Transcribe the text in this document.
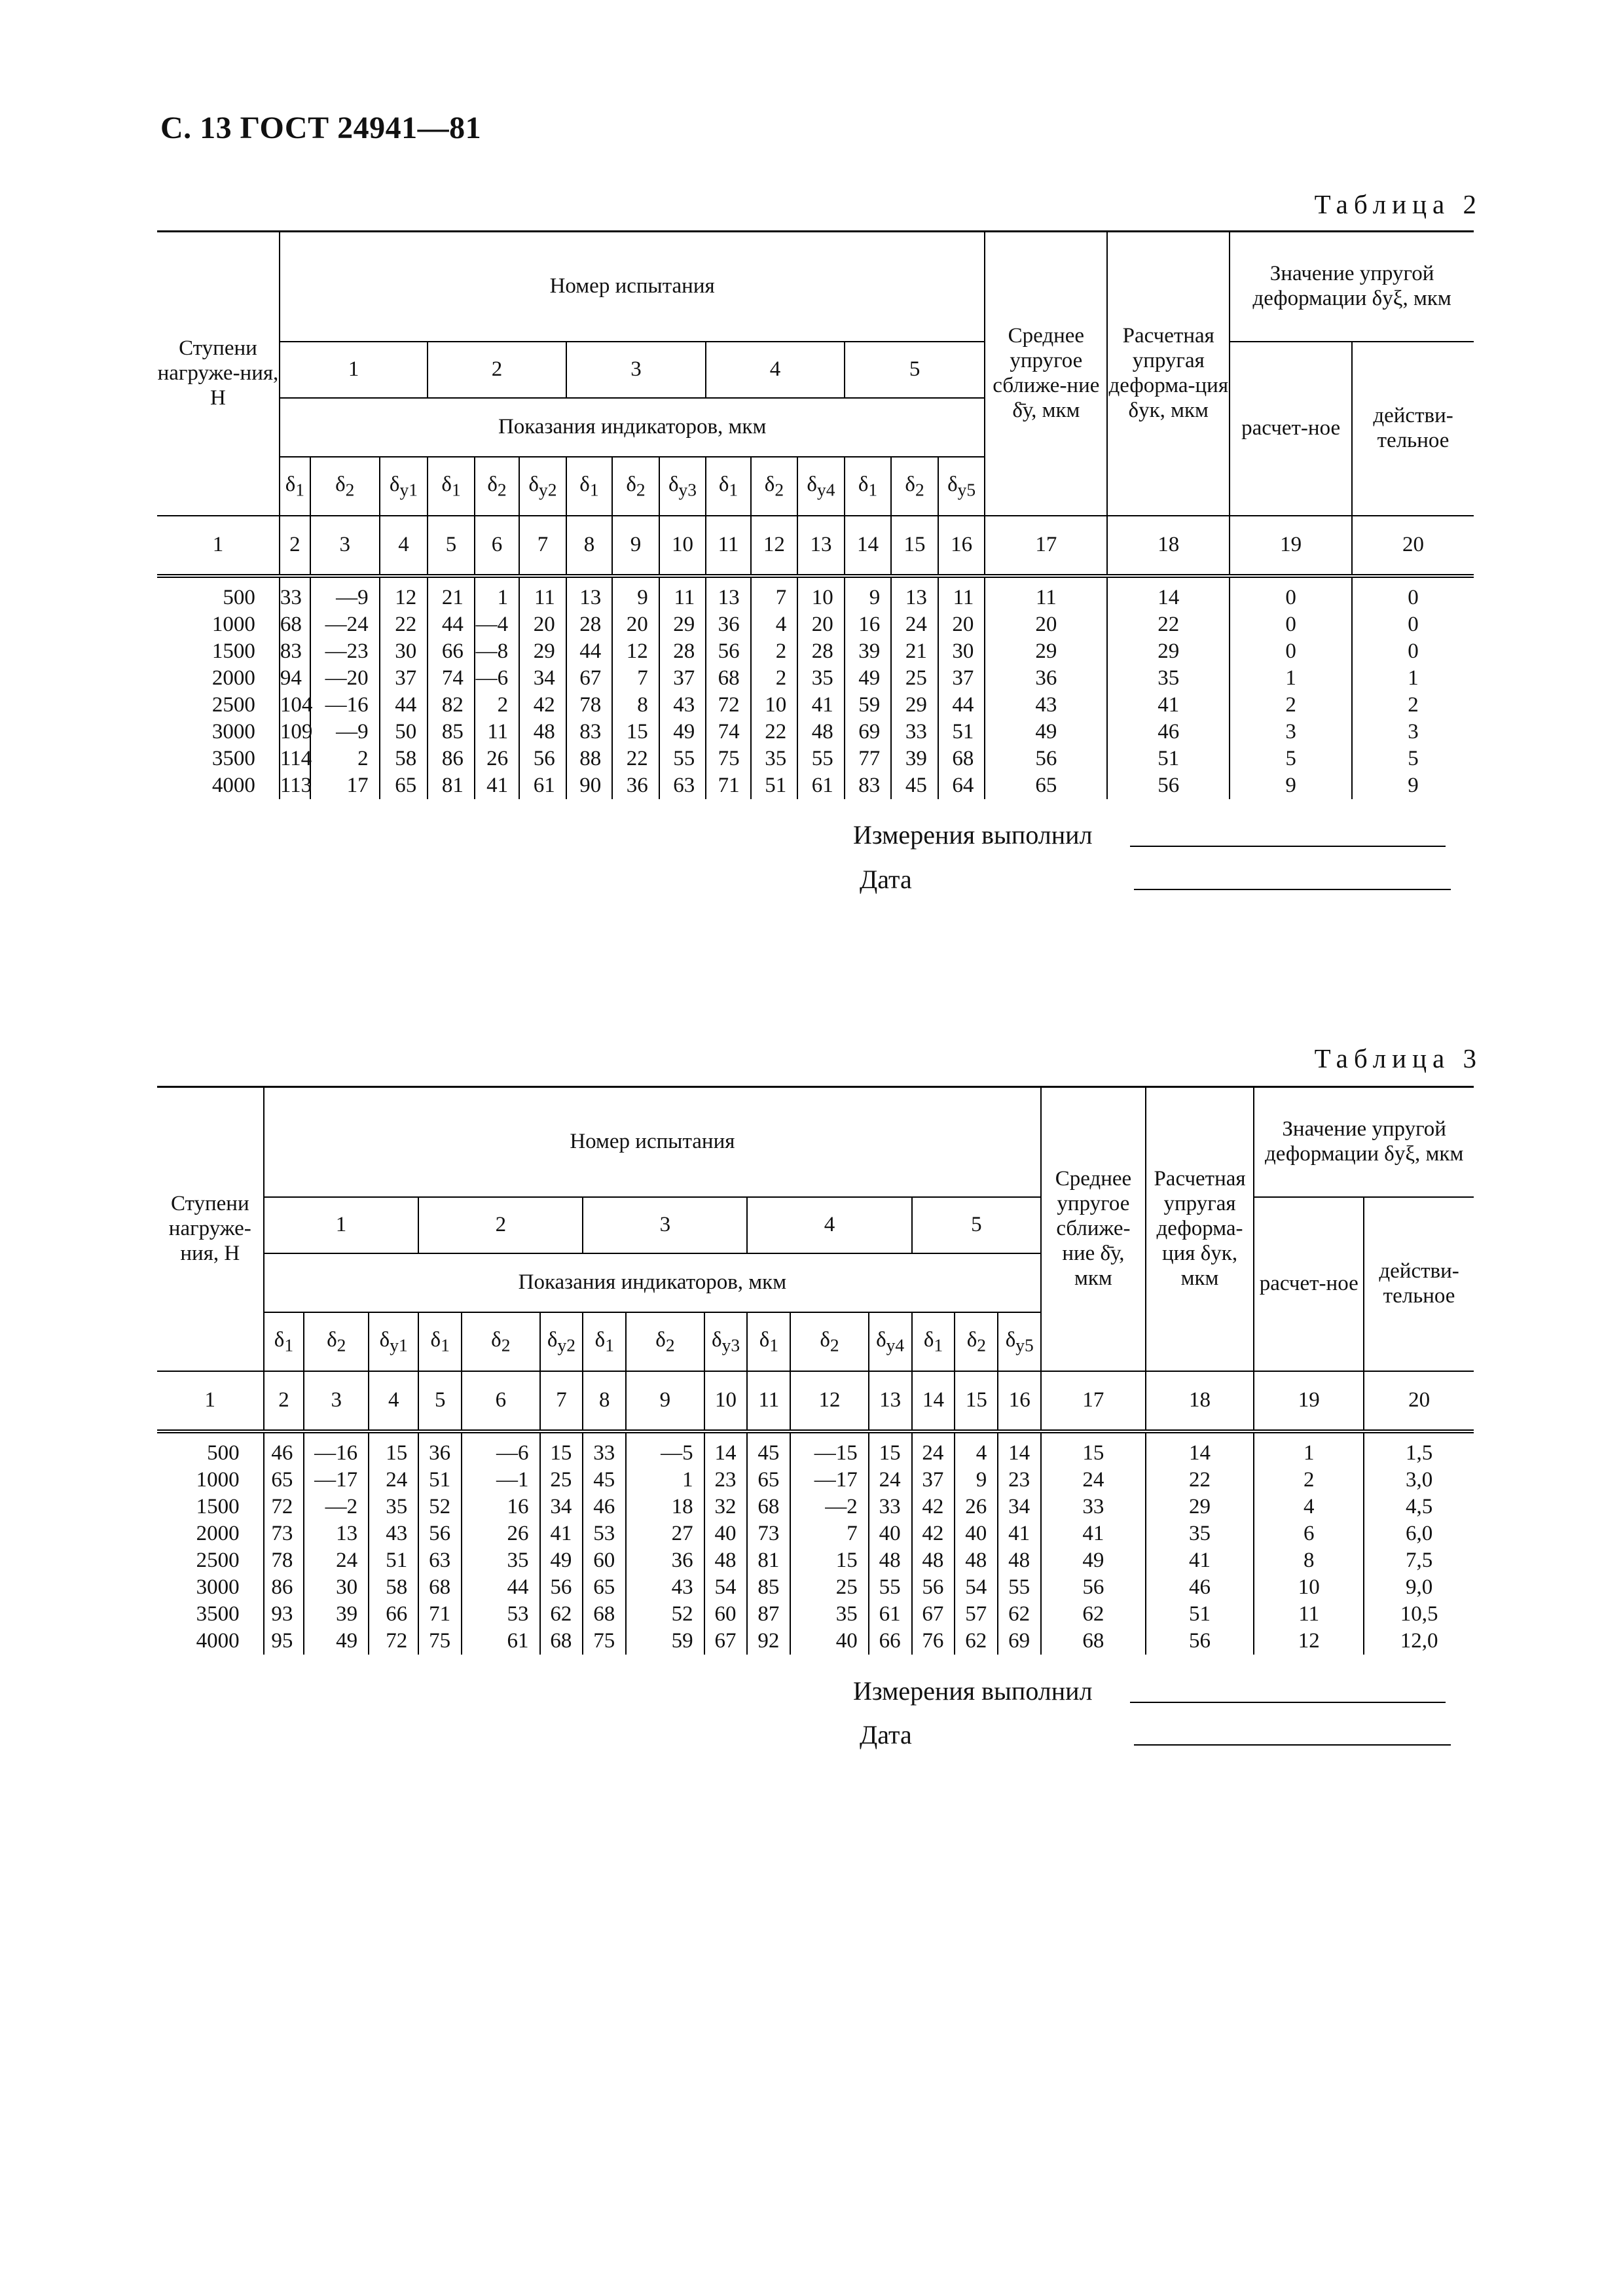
С. 13 ГОСТ 24941—81
Таблица 2
Ступени нагруже-ния, Н	Номер испытания															Среднее упругое сближе-ние δ̄у, мкм	Расчетная упругая деформа-ция δук, мкм	Значение упругой деформации δуξ, мкм	
	1			2			3			4			5					расчет-ное	действи-тельное
	Показания индикаторов, мкм																		
	$\delta_1$	$\delta_2$	$\delta_{у1}$	$\delta_1$	$\delta_2$	$\delta_{у2}$	$\delta_1$	$\delta_2$	$\delta_{у3}$	$\delta_1$	$\delta_2$	$\delta_{у4}$	$\delta_1$	$\delta_2$	$\delta_{у5}$
1	2	3	4	5	6	7	8	9	10	11	12	13	14	15	16	17	18	19	20
500	33	—9	12	21	1	11	13	9	11	13	7	10	9	13	11	11	14	0	0
1000	68	—24	22	44	—4	20	28	20	29	36	4	20	16	24	20	20	22	0	0
1500	83	—23	30	66	—8	29	44	12	28	56	2	28	39	21	30	29	29	0	0
2000	94	—20	37	74	—6	34	67	7	37	68	2	35	49	25	37	36	35	1	1
2500	104	—16	44	82	2	42	78	8	43	72	10	41	59	29	44	43	41	2	2
3000	109	—9	50	85	11	48	83	15	49	74	22	48	69	33	51	49	46	3	3
3500	114	2	58	86	26	56	88	22	55	75	35	55	77	39	68	56	51	5	5
4000	113	17	65	81	41	61	90	36	63	71	51	61	83	45	64	65	56	9	9
Измерения выполнил
Дата
Таблица 3
Ступени нагруже-ния, Н	Номер испытания															Среднее упругое сближе-ние δ̄у, мкм	Расчетная упругая деформа-ция δук, мкм	Значение упругой деформации δуξ, мкм	
	1			2			3			4			5					расчет-ное	действи-тельное
	Показания индикаторов, мкм																		
	$\delta_1$	$\delta_2$	$\delta_{у1}$	$\delta_1$	$\delta_2$	$\delta_{у2}$	$\delta_1$	$\delta_2$	$\delta_{у3}$	$\delta_1$	$\delta_2$	$\delta_{у4}$	$\delta_1$	$\delta_2$	$\delta_{у5}$
1	2	3	4	5	6	7	8	9	10	11	12	13	14	15	16	17	18	19	20
500	46	—16	15	36	—6	15	33	—5	14	45	—15	15	24	4	14	15	14	1	1,5
1000	65	—17	24	51	—1	25	45	1	23	65	—17	24	37	9	23	24	22	2	3,0
1500	72	—2	35	52	16	34	46	18	32	68	—2	33	42	26	34	33	29	4	4,5
2000	73	13	43	56	26	41	53	27	40	73	7	40	42	40	41	41	35	6	6,0
2500	78	24	51	63	35	49	60	36	48	81	15	48	48	48	48	49	41	8	7,5
3000	86	30	58	68	44	56	65	43	54	85	25	55	56	54	55	56	46	10	9,0
3500	93	39	66	71	53	62	68	52	60	87	35	61	67	57	62	62	51	11	10,5
4000	95	49	72	75	61	68	75	59	67	92	40	66	76	62	69	68	56	12	12,0
Измерения выполнил
Дата
